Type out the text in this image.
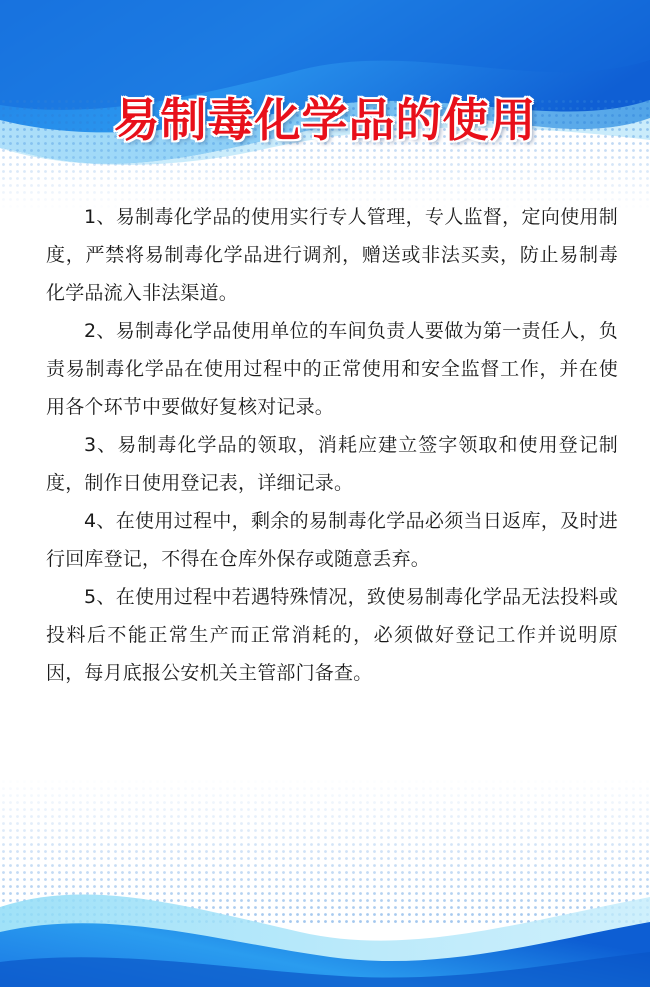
易制毒化学品的使用

1、易制毒化学品的使用实行专人管理，专人监督，定向使用制度，严禁将易制毒化学品进行调剂，赠送或非法买卖，防止易制毒化学品流入非法渠道。

2、易制毒化学品使用单位的车间负责人要做为第一责任人，负责易制毒化学品在使用过程中的正常使用和安全监督工作，并在使用各个环节中要做好复核对记录。

3、易制毒化学品的领取，消耗应建立签字领取和使用登记制度，制作日使用登记表，详细记录。

4、在使用过程中，剩余的易制毒化学品必须当日返库，及时进行回库登记，不得在仓库外保存或随意丢弃。

5、在使用过程中若遇特殊情况，致使易制毒化学品无法投料或投料后不能正常生产而正常消耗的，必须做好登记工作并说明原因，每月底报公安机关主管部门备查。
